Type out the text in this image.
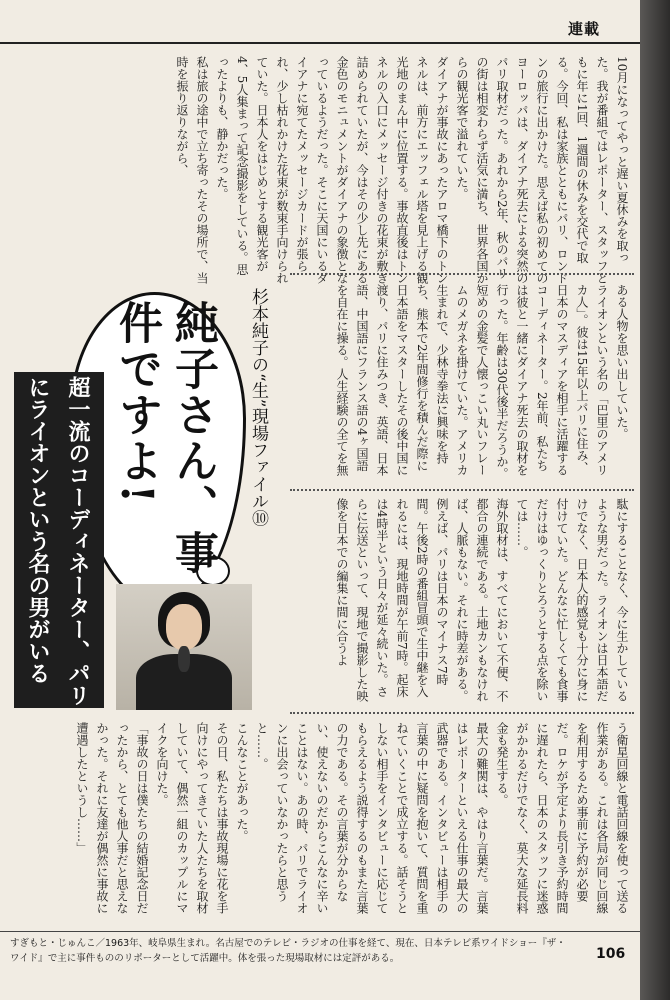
連載
10月になってやっと遅い夏休みを取った。我が番組ではレポーター、スタッフともに年に1回、1週間の休みを交代で取る。今回、私は家族とともにパリ、ロンドンの旅行に出かけた。思えば私の初めてのヨーロッパは、ダイアナ死去による突然のパリ取材だった。あれから2年、秋のパリの街は相変わらず活気に満ち、世界各国からの観光客で溢れていた。
ダイアナが事故にあったアロマ橋下のトンネルは、前方にエッフェル塔を見上げる観光地のまん中に位置する。事故直後はトンネルの入口にメッセージ付きの花束が敷き詰められていたが、今はその少し先にある金色のモニュメントがダイアナの象徴となっているようだった。そこに天国にいるダイアナに宛てたメッセージカードが張られ、少し枯れかけた花束が数束手向けられていた。日本人をはじめとする観光客が4、5人集まって記念撮影をしている。思ったよりも、静かだった。
私は旅の途中で立ち寄ったその場所で、当時を振り返りながら、
ある人物を思い出していた。
ライオンという名の「巴里のアメリカ人」。彼は15年以上パリに住み、日本のマスディアを相手に活躍するコーディネーター。2年前、私たちは彼と一緒にダイアナ死去の取材を行った。年齢は30代後半だろうか。短めの金髪で人懐っこい丸いフレームのメガネを掛けていた。アメリカ生まれで、少林寺拳法に興味を持ち、熊本で2年間修行を積んだ際に日本語をマスターしたその後中国に渡り、パリに住みつき、英語、日本語、中国語にフランス語の4ヶ国語を自在に操る。人生経験の全てを無
駄にすることなく、今に生かしているような男だった。ライオンは日本語だけでなく、日本人的感覚も十分に身に付けていた。どんなに忙しくても食事だけはゆっくりとろうとする点を除いては……。
海外取材は、すべてにおいて不便、不都合の連続である。土地カンもなければ、人脈もない。それに時差がある。例えば、パリは日本のマイナス7時間。午後2時の番組冒頭で生中継を入れるには、現地時間が午前7時。起床は4時半という日々が延々続いた。さらに伝送といって、現地で撮影した映像を日本での編集に間に合うよ
純子さん、事件ですよ!
超一流のコーディネーター、パリにライオンという名の男がいる	杉本純子の“生”現場ファイル⑩
う衛星回線と電話回線を使って送る作業がある。これは各局が同じ回線を利用するため事前に予約が必要だ。ロケが予定より長引き予約時間に遅れたら、日本のスタッフに迷惑がかかるだけでなく、莫大な延長料金も発生する。
最大の難関は、やはり言葉だ。言葉はレポーターといえる仕事の最大の武器である。インタビューは相手の言葉の中に疑問を抱いて、質問を重ねていくことで成立する。話そうとしない相手をインタビューに応じてもらえるよう説得するのもまた言葉の力である。その言葉が分からない、使えないのだからこんなに辛いことはない。あの時、パリでライオンに出会っていなかったらと思うと……。
こんなことがあった。
その日、私たちは事故現場に花を手向けにやってきていた人たちを取材していて、偶然一組のカップルにマイクを向けた。
「事故の日は僕たちの結婚記念日だったから、とても他人事だと思えなかった。それに友達が偶然に事故に遭遇したというし……」
すぎもと・じゅんこ／1963年、岐阜県生まれ。名古屋でのテレビ・ラジオの仕事を経て、現在、日本テレビ系ワイドショー『ザ・ワイド』で主に事件もののリポーターとして活躍中。体を張った現場取材には定評がある。	106
